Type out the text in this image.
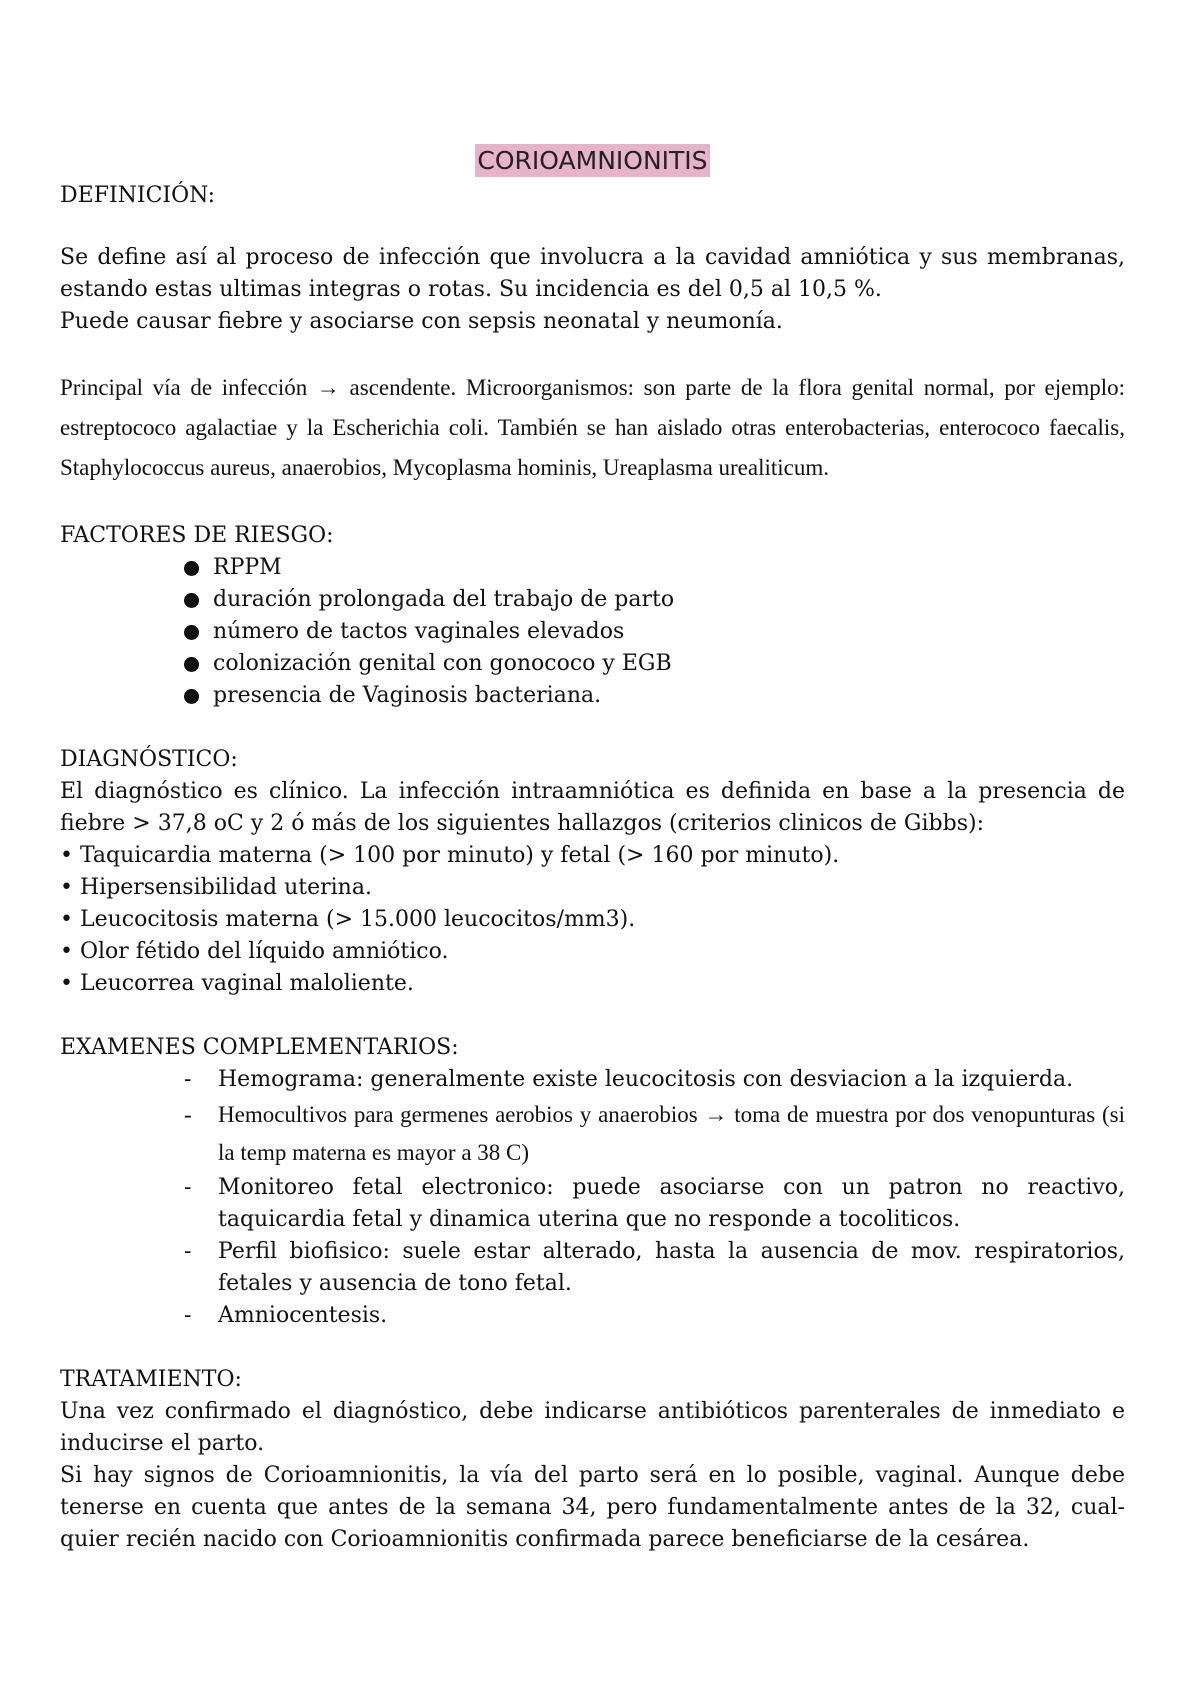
CORIOAMNIONITIS
DEFINICIÓN:
Se define así al proceso de infección que involucra a la cavidad amniótica y sus membranas, estando estas ultimas integras o rotas. Su incidencia es del 0,5 al 10,5 %.
Puede causar fiebre y asociarse con sepsis neonatal y neumonía.
Principal vía de infección → ascendente. Microorganismos: son parte de la flora genital normal, por ejemplo: estreptococo agalactiae y la Escherichia coli. También se han aislado otras enterobacterias, enterococo faecalis, Staphylococcus aureus, anaerobios, Mycoplasma hominis, Ureaplasma urealiticum.
FACTORES DE RIESGO:
RPPM
duración prolongada del trabajo de parto
número de tactos vaginales elevados
colonización genital con gonococo y EGB
presencia de Vaginosis bacteriana.
DIAGNÓSTICO:
El diagnóstico es clínico. La infección intraamniótica es definida en base a la presencia de fiebre > 37,8 oC y 2 ó más de los siguientes hallazgos (criterios clinicos de Gibbs):
• Taquicardia materna (> 100 por minuto) y fetal (> 160 por minuto).
• Hipersensibilidad uterina.
• Leucocitosis materna (> 15.000 leucocitos/mm3).
• Olor fétido del líquido amniótico.
• Leucorrea vaginal maloliente.
EXAMENES COMPLEMENTARIOS:
-	Hemograma: generalmente existe leucocitosis con desviacion a la izquierda.
-	Hemocultivos para germenes aerobios y anaerobios → toma de muestra por dos venopunturas (si la temp materna es mayor a 38 C)
-	Monitoreo fetal electronico: puede asociarse con un patron no reactivo, taquicardia fetal y dinamica uterina que no responde a tocoliticos.
-	Perfil biofisico: suele estar alterado, hasta la ausencia de mov. respiratorios, fetales y ausencia de tono fetal.
-	Amniocentesis.
TRATAMIENTO:
Una vez confirmado el diagnóstico, debe indicarse antibióticos parenterales de inmediato e inducirse el parto.
Si hay signos de Corioamnionitis, la vía del parto será en lo posible, vaginal. Aunque debe tenerse en cuenta que antes de la semana 34, pero fundamentalmente antes de la 32, cual-quier recién nacido con Corioamnionitis confirmada parece beneficiarse de la cesárea.
